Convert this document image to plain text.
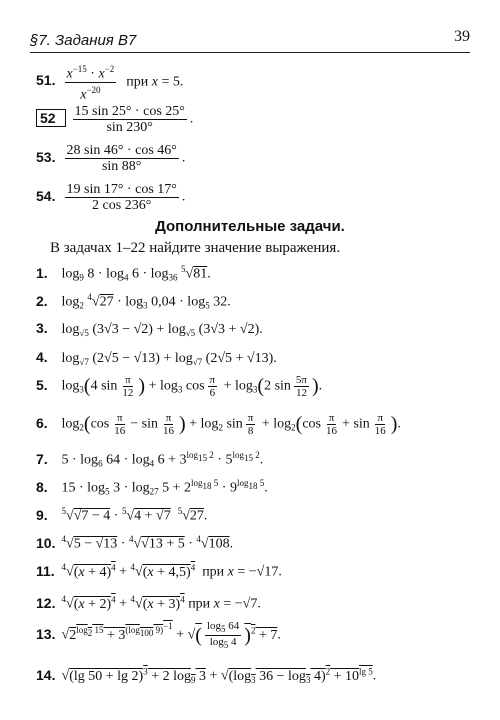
§7. Задания В7	39
51. $\frac{x^{-15} \cdot x^{-2}}{x^{-20}}$ при x = 5.
$52 \frac{15 \sin 25^\circ \cdot \cos 25^\circ}{\sin 230^\circ}$ .
53. $\frac{28 \sin 46^\circ \cdot \cos 46^\circ}{\sin 88^\circ}$ .
54. $\frac{19 \sin 17^\circ \cdot \cos 17^\circ}{2 \cos 236^\circ}$ .
Дополнительные задачи.
В задачах 1–22 найдите значение выражения.
1. $\log_9 8 \cdot \log_4 6 \cdot \log_{36} ^5√81$.
2. $\log_2 ^4√27 \cdot \log_3 0,04 \cdot \log_5 32$.
3. $\log_{√5} (3√3 - √2) + \log_{√5} (3√3 + √2)$.
4. $\log_{√7} (2√5 - √13) + \log_{√7} (2√5 + √13)$.
5. $\log_3(4$ $\sin \frac{\pi}{12}$ ) + $\log_3 \cos \frac{\pi}{6} + \log_3(2$ $\sin \frac{5\pi}{12}$ ).
6. $\log_2(\cos \frac{\pi}{16} - \sin \frac{\pi}{16}$ ) + $\log_2 \sin \frac{\pi}{8} + \log_2(\cos \frac{\pi}{16} + \sin \frac{\pi}{16}$ ).
7. $5 \cdot \log_6 64 \cdot \log_4 6 + 3^{log_{15} 2} \cdot 5^{log_{15} 2}$.
8. $15 \cdot \log_5 3 \cdot \log_{27} 5 + 2^{log_{18} 5} \cdot 9^{log_{18} 5}$.
9. $^5$√√7 − 4 · $^5$√4 + √7 $^5$√27.
10. $^4$√5 − √13 · $^4$√√13 + 5 · $^4$√108.
11. $^4√(x + 4)^4 + ^4√(x + 4,5)^4$  при x = −√17.
12. $^4√(x + 2)^4 + ^4√(x + 3)^4$ при x = −√7.
13. $√2^{log_2 15} + 3^{(log_{100} 9)^{-1}}$ + √( $\frac{\log_5 64}{\log_5 4} )^2 + 7$.
14. √(lg 50 + lg 2)$^3$ + 2 $\log_9 3 + √(\log_3$ $36 - \log_3 4)^2 + 10^{lg 5}$.
